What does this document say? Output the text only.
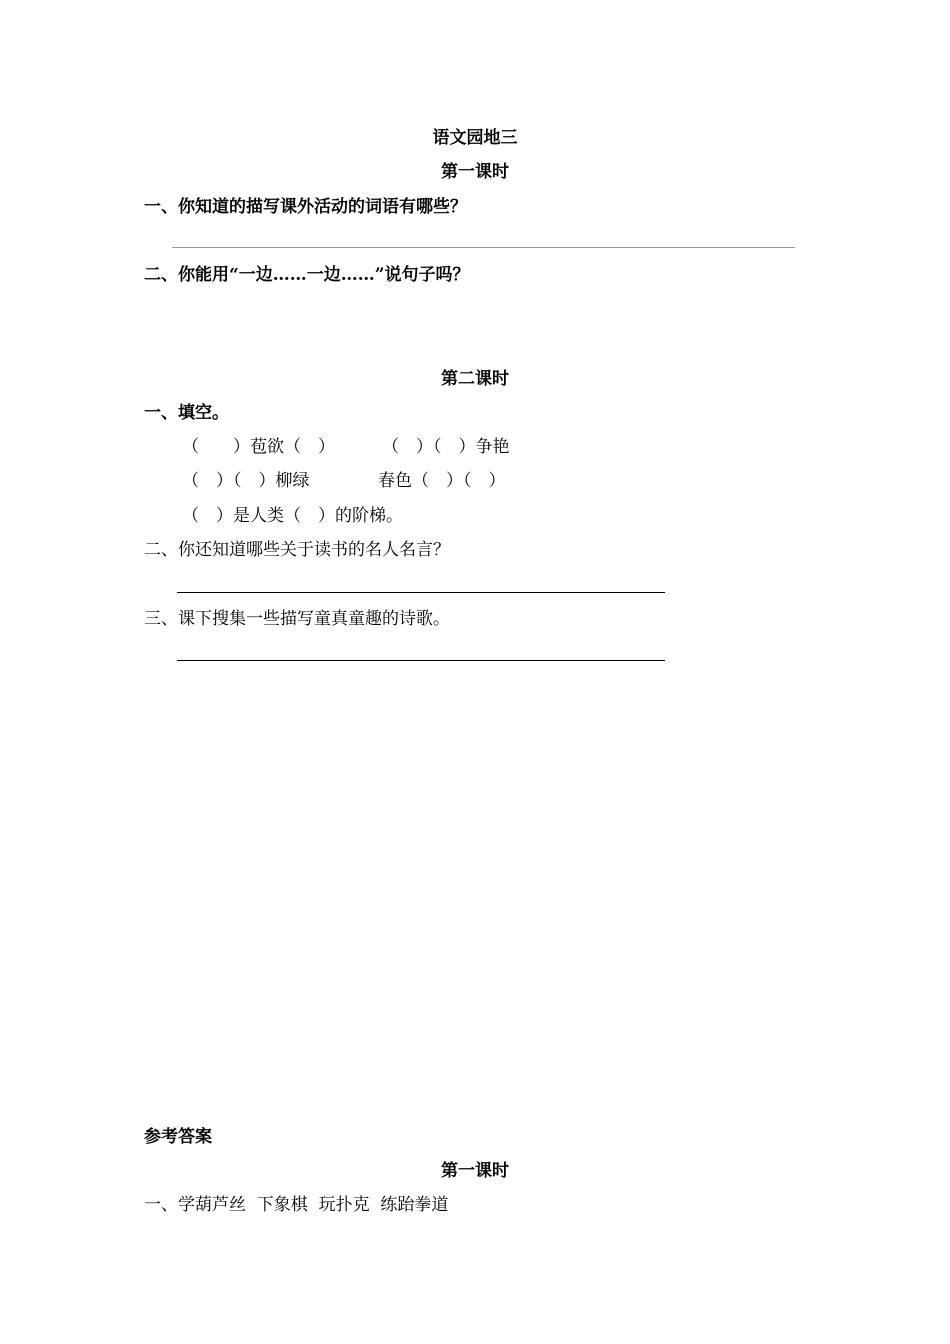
语文园地三
第一课时
一、你知道的描写课外活动的词语有哪些？
二、你能用“一边……一边……”说句子吗？
第二课时
一、填空。
（　　）苞欲（　）	（　）（　）争艳
（　）（　）柳绿	春色（　）（　）
（　）是人类（　）的阶梯。
二、你还知道哪些关于读书的名人名言？
三、课下搜集一些描写童真童趣的诗歌。
参考答案
第一课时
一、学葫芦丝  下象棋  玩扑克  练跆拳道
